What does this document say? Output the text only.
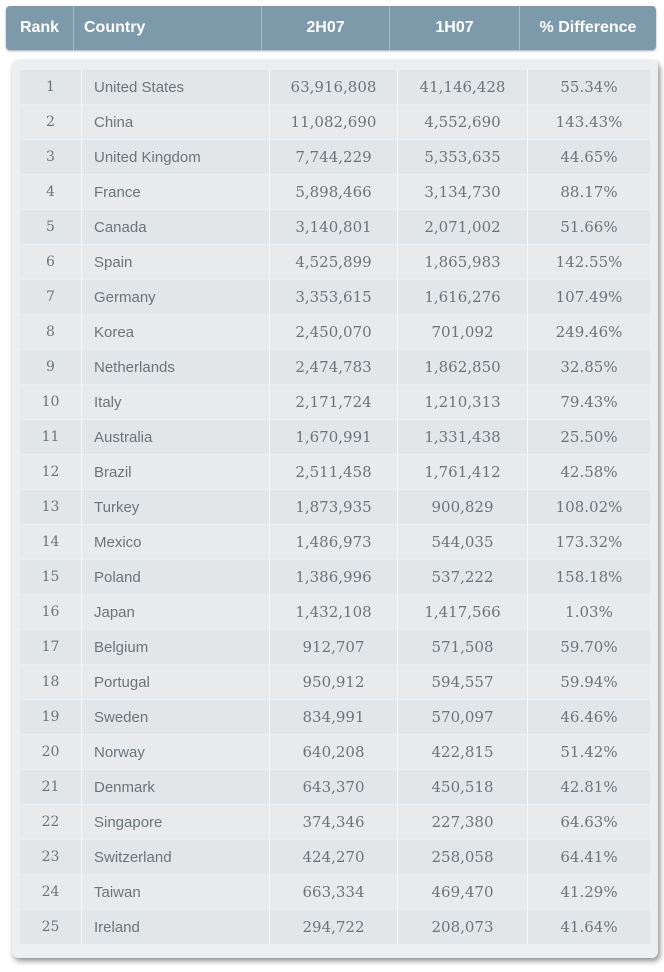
Rank	Country	2H07	1H07	% Difference
1	United States	63,916,808	41,146,428	55.34%
2	China	11,082,690	4,552,690	143.43%
3	United Kingdom	7,744,229	5,353,635	44.65%
4	France	5,898,466	3,134,730	88.17%
5	Canada	3,140,801	2,071,002	51.66%
6	Spain	4,525,899	1,865,983	142.55%
7	Germany	3,353,615	1,616,276	107.49%
8	Korea	2,450,070	701,092	249.46%
9	Netherlands	2,474,783	1,862,850	32.85%
10	Italy	2,171,724	1,210,313	79.43%
11	Australia	1,670,991	1,331,438	25.50%
12	Brazil	2,511,458	1,761,412	42.58%
13	Turkey	1,873,935	900,829	108.02%
14	Mexico	1,486,973	544,035	173.32%
15	Poland	1,386,996	537,222	158.18%
16	Japan	1,432,108	1,417,566	1.03%
17	Belgium	912,707	571,508	59.70%
18	Portugal	950,912	594,557	59.94%
19	Sweden	834,991	570,097	46.46%
20	Norway	640,208	422,815	51.42%
21	Denmark	643,370	450,518	42.81%
22	Singapore	374,346	227,380	64.63%
23	Switzerland	424,270	258,058	64.41%
24	Taiwan	663,334	469,470	41.29%
25	Ireland	294,722	208,073	41.64%
